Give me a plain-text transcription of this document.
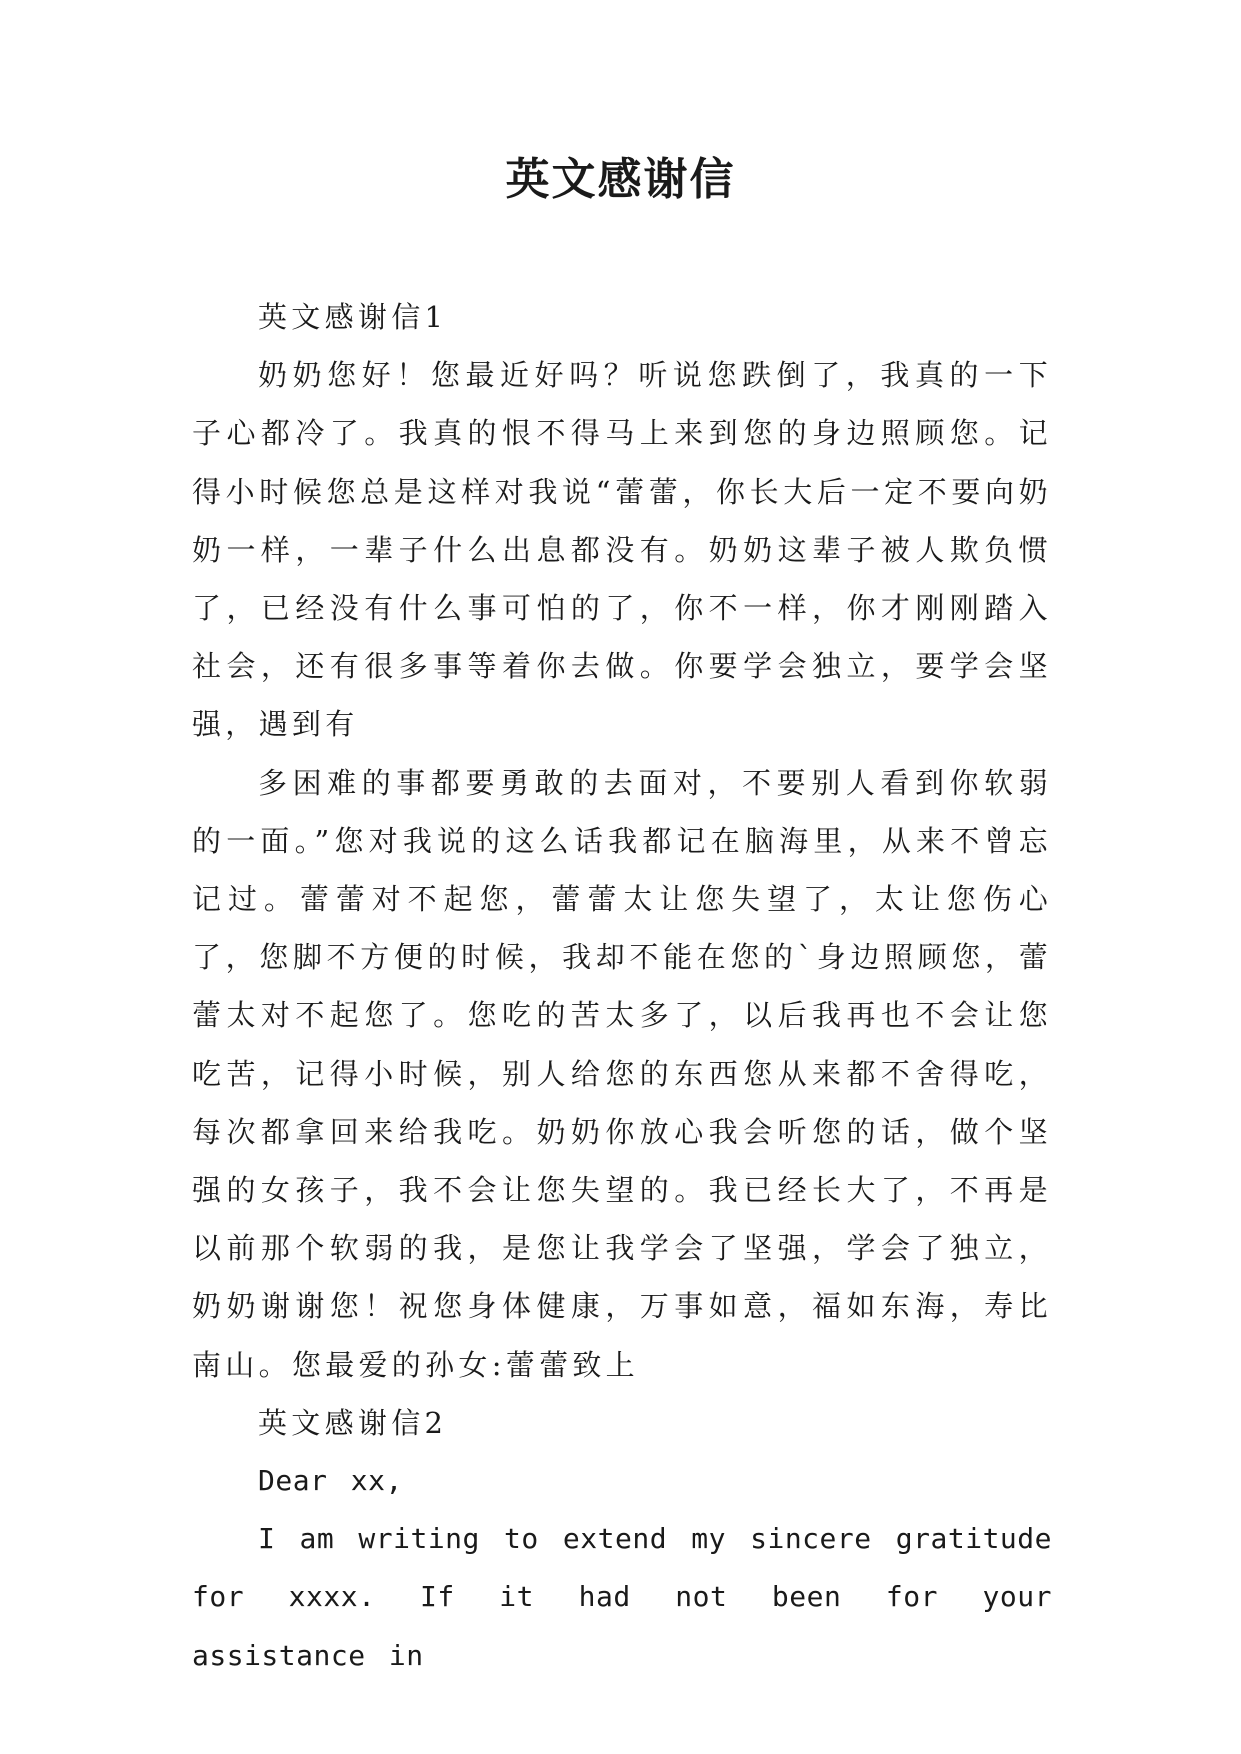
英文感谢信

英文感谢信1

奶奶您好！您最近好吗？听说您跌倒了，我真的一下子心都冷了。我真的恨不得马上来到您的身边照顾您。记得小时候您总是这样对我说“蕾蕾，你长大后一定不要向奶奶一样，一辈子什么出息都没有。奶奶这辈子被人欺负惯了，已经没有什么事可怕的了，你不一样，你才刚刚踏入社会，还有很多事等着你去做。你要学会独立，要学会坚强，遇到有

多困难的事都要勇敢的去面对，不要别人看到你软弱的一面。”您对我说的这么话我都记在脑海里，从来不曾忘记过。蕾蕾对不起您，蕾蕾太让您失望了，太让您伤心了，您脚不方便的时候，我却不能在您的`身边照顾您，蕾蕾太对不起您了。您吃的苦太多了，以后我再也不会让您吃苦，记得小时候，别人给您的东西您从来都不舍得吃，每次都拿回来给我吃。奶奶你放心我会听您的话，做个坚强的女孩子，我不会让您失望的。我已经长大了，不再是以前那个软弱的我，是您让我学会了坚强，学会了独立，奶奶谢谢您！祝您身体健康，万事如意，福如东海，寿比南山。您最爱的孙女:蕾蕾致上

英文感谢信2

Dear xx,

I am writing to extend my sincere gratitude for xxxx. If it had not been for your assistance in
